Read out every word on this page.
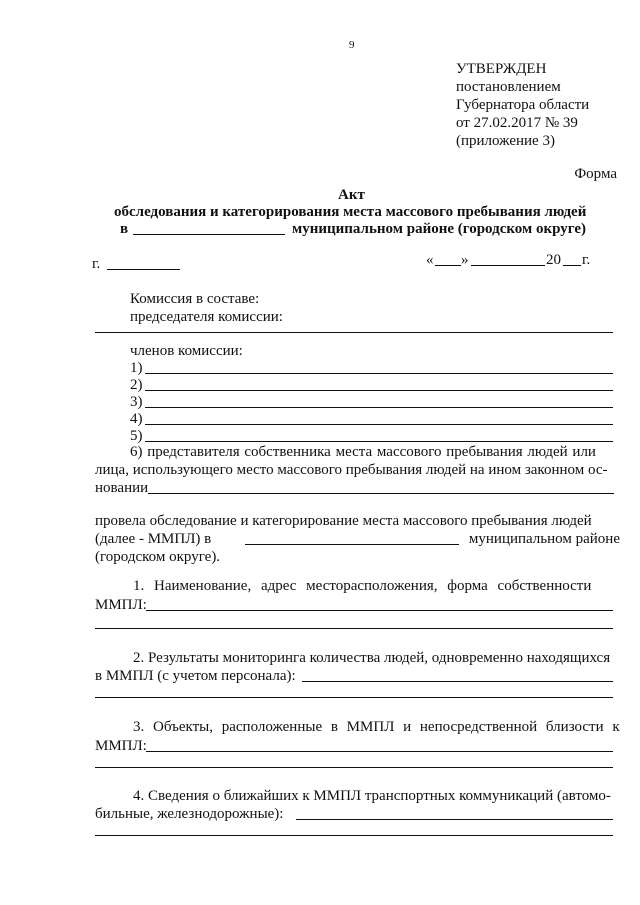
9
УТВЕРЖДЕН
постановлением
Губернатора области
от 27.02.2017 № 39
(приложение 3)
Форма
Акт
обследования и категорирования места массового пребывания людей
в	муниципальном районе (городском округе)
г.	« »	20 г.
Комиссия в составе:
председателя комиссии:
членов комиссии:
1)
2)
3)
4)
5)
6) представителя собственника места массового пребывания людей или
лица, использующего место массового пребывания людей на ином законном ос-
новании
провела обследование и категорирование места массового пребывания людей
(далее - ММПЛ) в	муниципальном районе
(городском округе).
1. Наименование, адрес месторасположения, форма собственности
ММПЛ:
2. Результаты мониторинга количества людей, одновременно находящихся
в ММПЛ (с учетом персонала):
3. Объекты, расположенные в ММПЛ и непосредственной близости к
ММПЛ:
4. Сведения о ближайших к ММПЛ транспортных коммуникаций (автомо-
бильные, железнодорожные):
